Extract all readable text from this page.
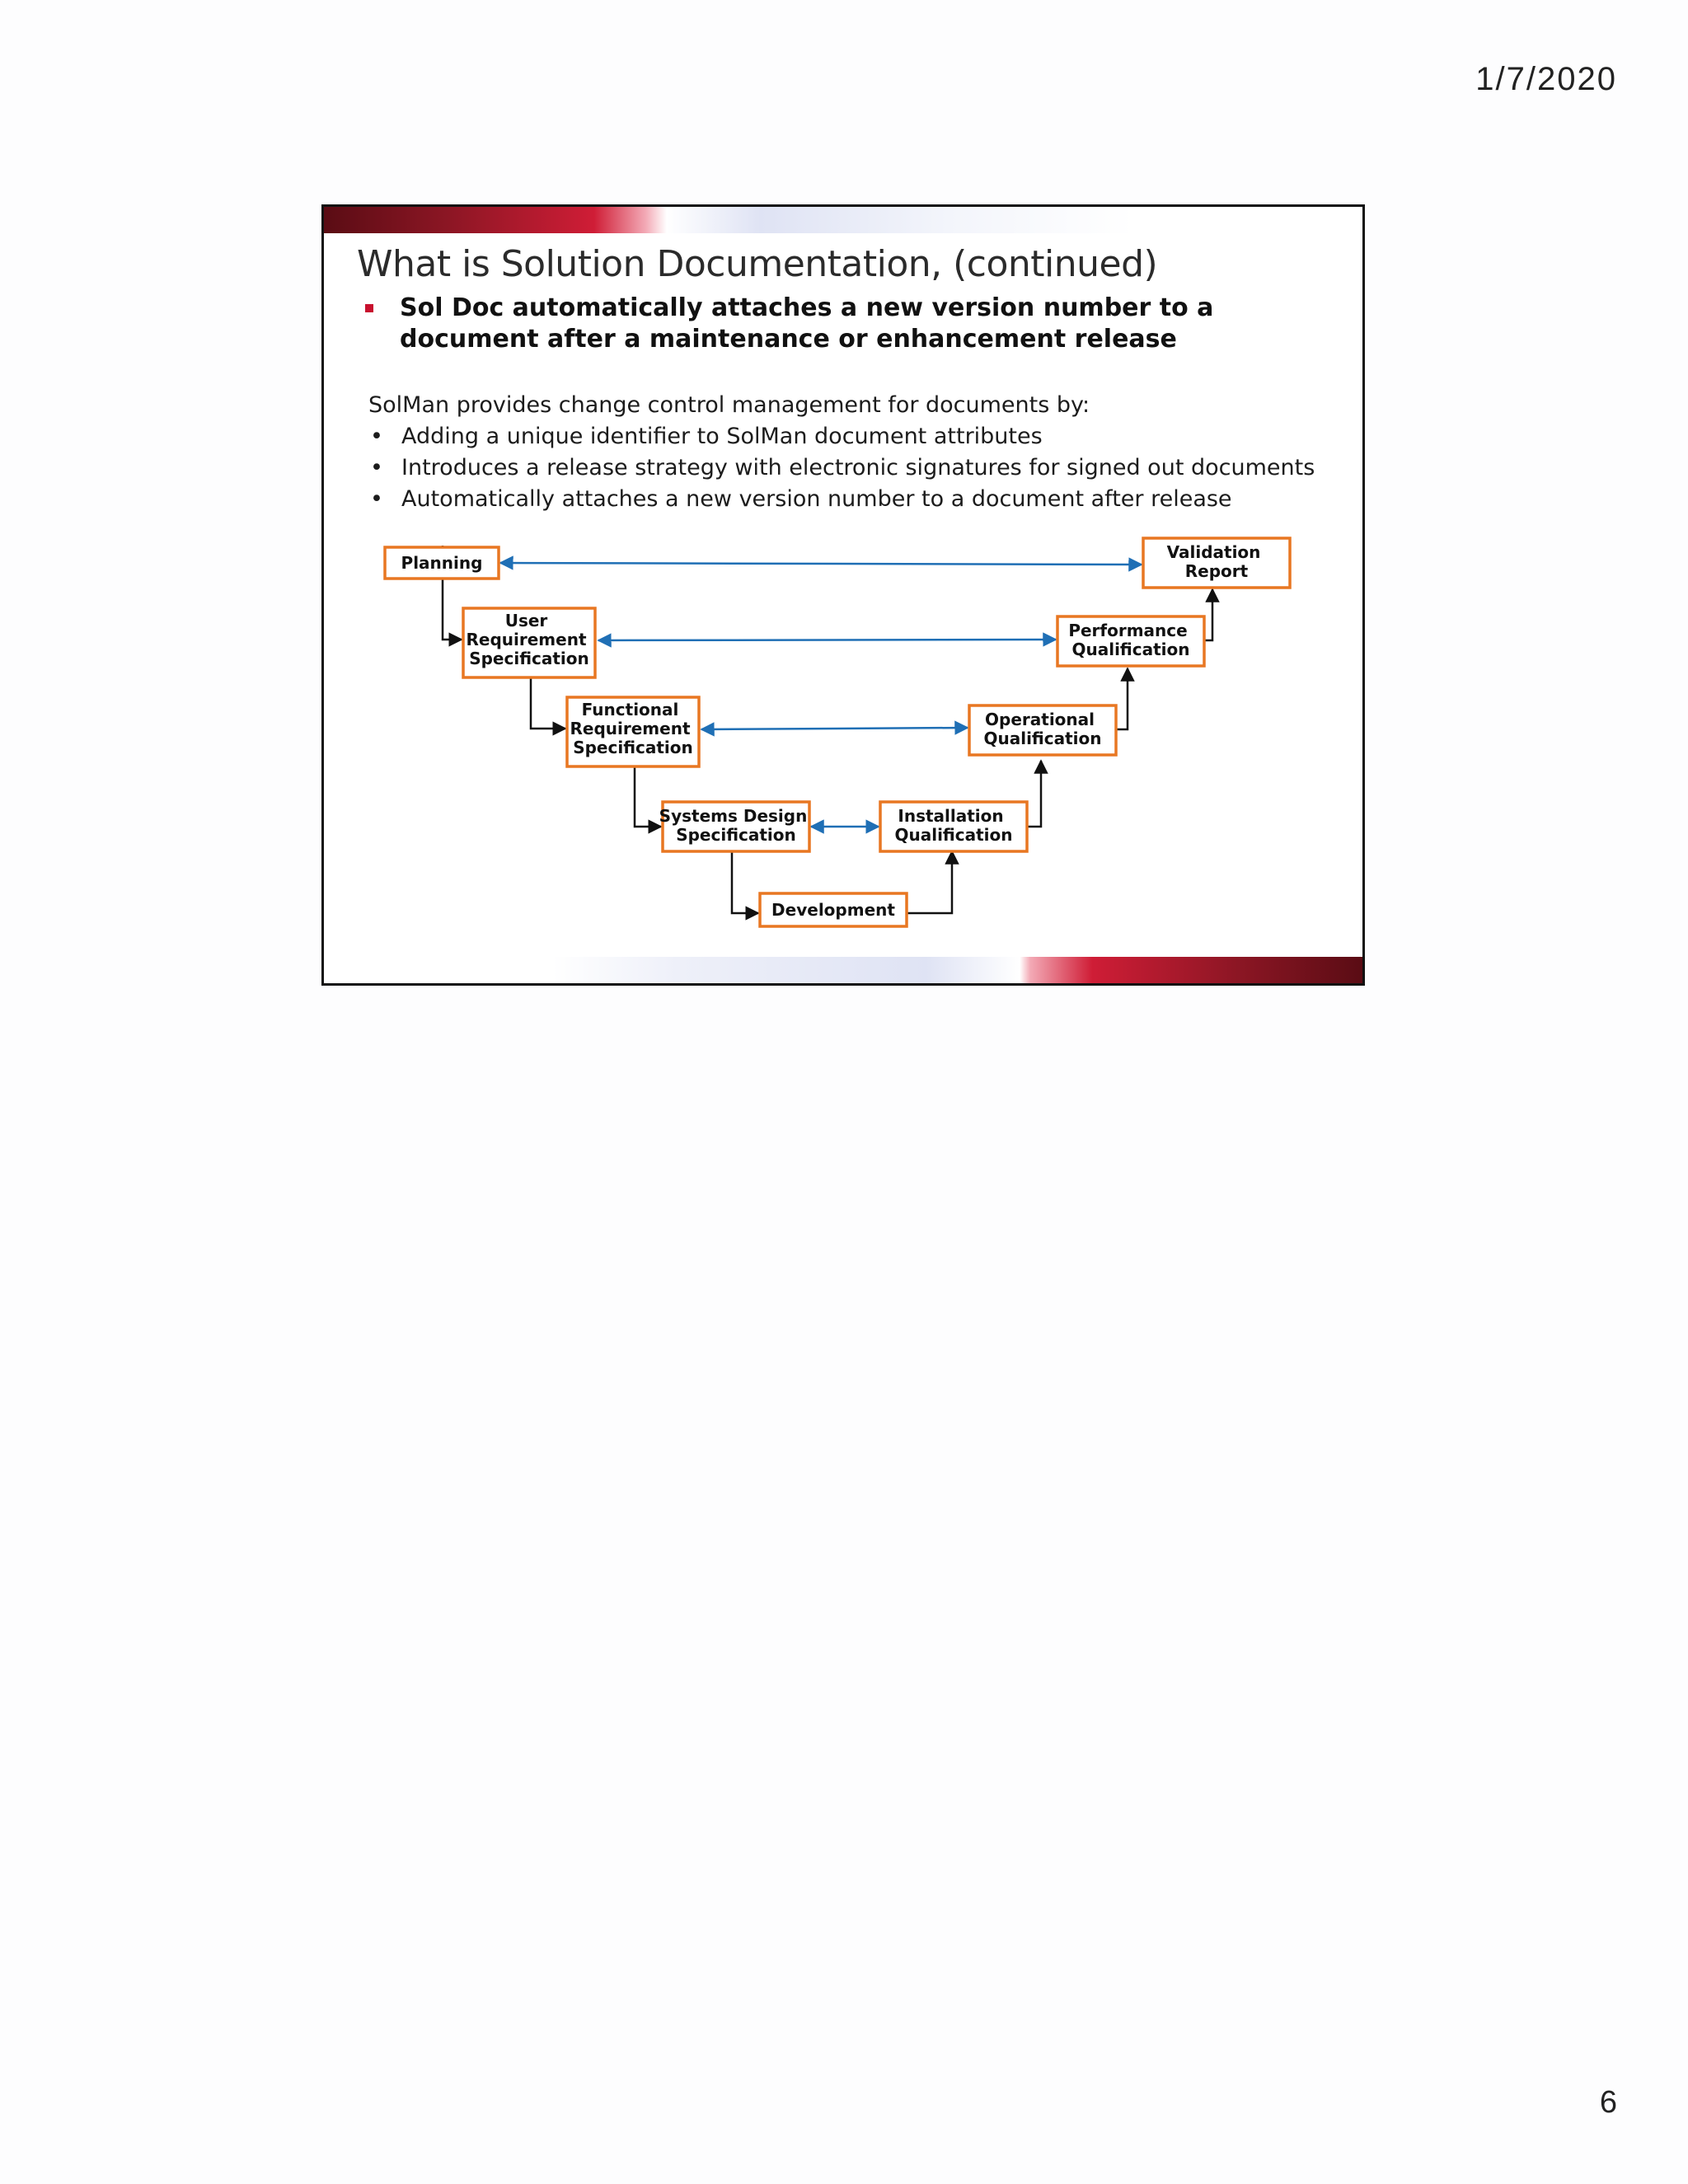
1/7/2020
What is Solution Documentation, (continued)
Sol Doc automatically attaches a new version number to a document after a maintenance or enhancement release
SolMan provides change control management for documents by:
• Adding a unique identifier to SolMan document attributes
• Introduces a release strategy with electronic signatures for signed out documents
• Automatically attaches a new version number to a document after release
Planning
User Requirement Specification
Functional Requirement Specification
Systems Design Specification
Development
Installation Qualification
Operational Qualification
Performance Qualification
Validation Report
6
